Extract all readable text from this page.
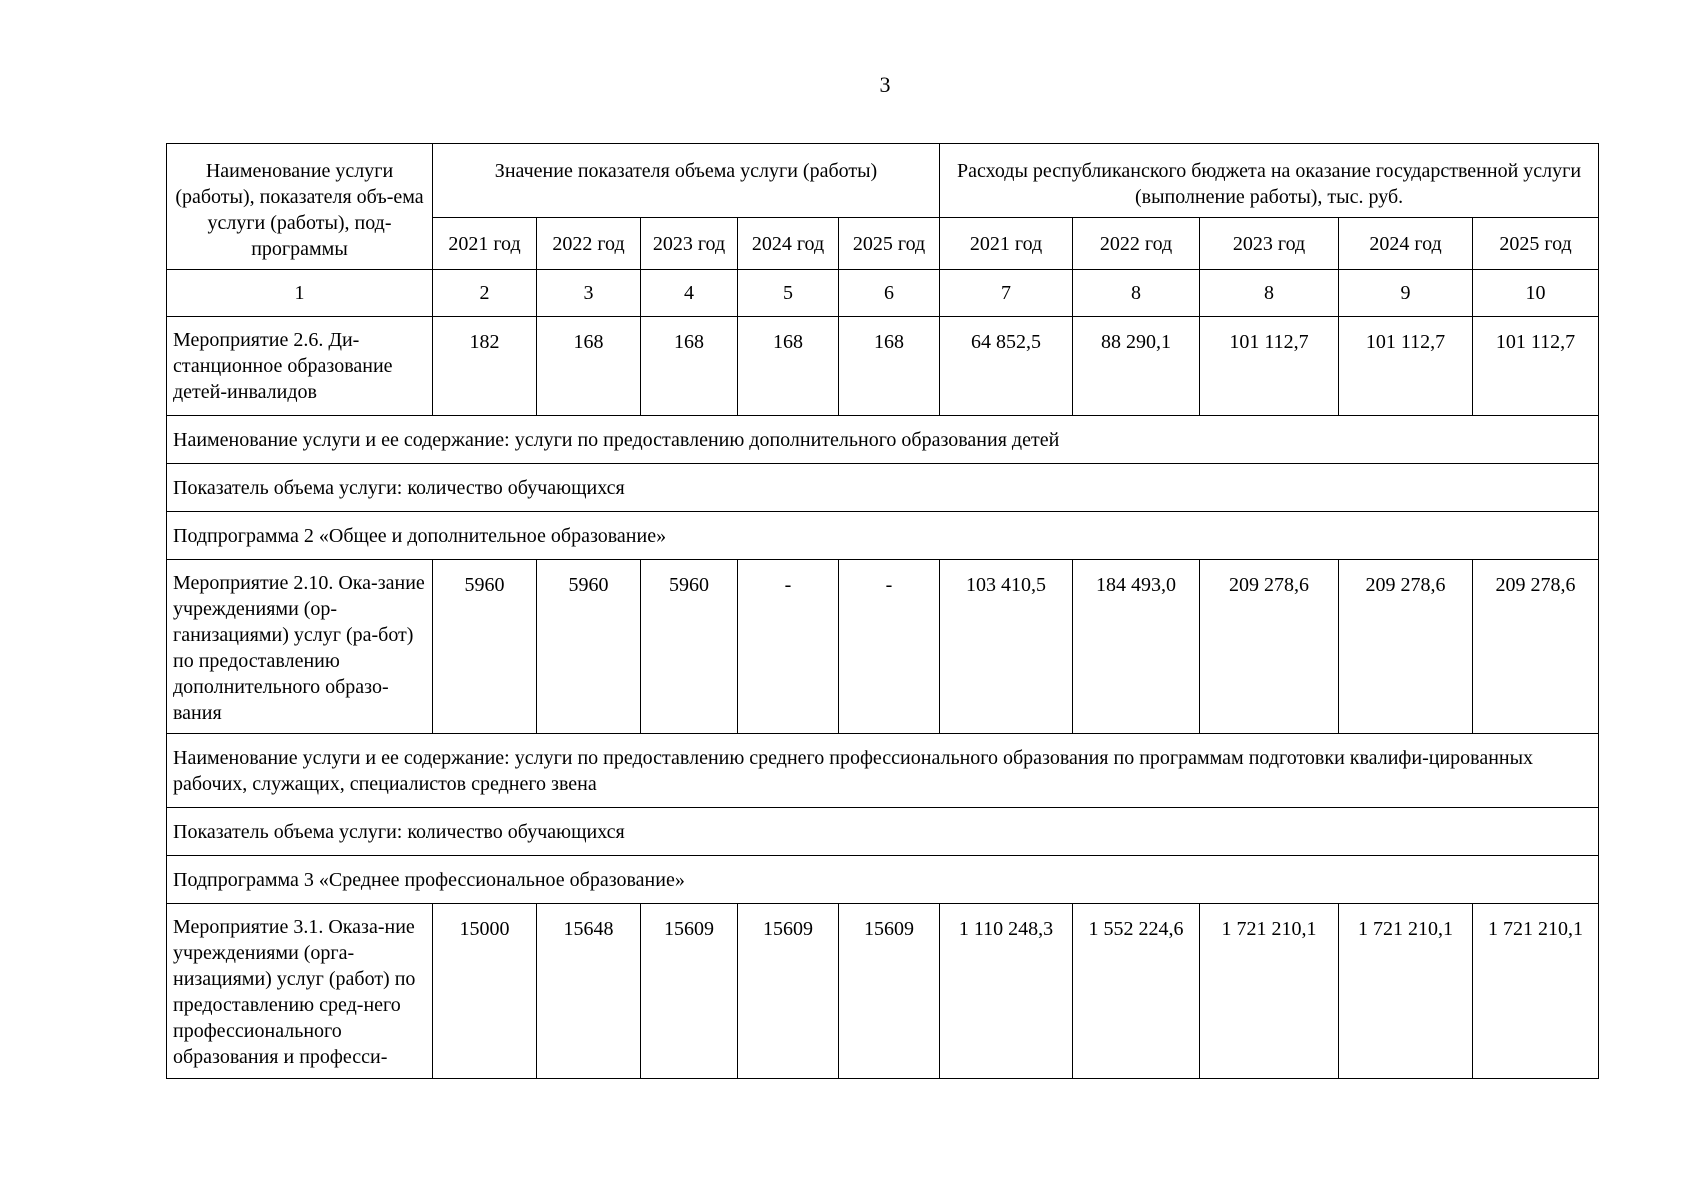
3
Наименование услуги (работы), показателя объ-ема услуги (работы), под-программы	Значение показателя объема услуги (работы)					Расходы республиканского бюджета на оказание государственной услуги (выполнение работы), тыс. руб.				
	2021 год	2022 год	2023 год	2024 год	2025 год	2021 год	2022 год	2023 год	2024 год	2025 год
1	2	3	4	5	6	7	8	8	9	10
Мероприятие 2.6. Ди-станционное образование детей-инвалидов	182	168	168	168	168	64 852,5	88 290,1	101 112,7	101 112,7	101 112,7
Наименование услуги и ее содержание: услуги по предоставлению дополнительного образования детей										
Показатель объема услуги: количество обучающихся										
Подпрограмма 2 «Общее и дополнительное образование»										
Мероприятие 2.10. Ока-зание учреждениями (ор-ганизациями) услуг (ра-бот) по предоставлению дополнительного образо-вания	5960	5960	5960	-	-	103 410,5	184 493,0	209 278,6	209 278,6	209 278,6
Наименование услуги и ее содержание: услуги по предоставлению среднего профессионального образования по программам подготовки квалифи-цированных рабочих, служащих, специалистов среднего звена										
Показатель объема услуги: количество обучающихся										
Подпрограмма 3 «Среднее профессиональное образование»										
Мероприятие 3.1. Оказа-ние учреждениями (орга-низациями) услуг (работ) по предоставлению сред-него профессионального образования и професси-	15000	15648	15609	15609	15609	1 110 248,3	1 552 224,6	1 721 210,1	1 721 210,1	1 721 210,1
